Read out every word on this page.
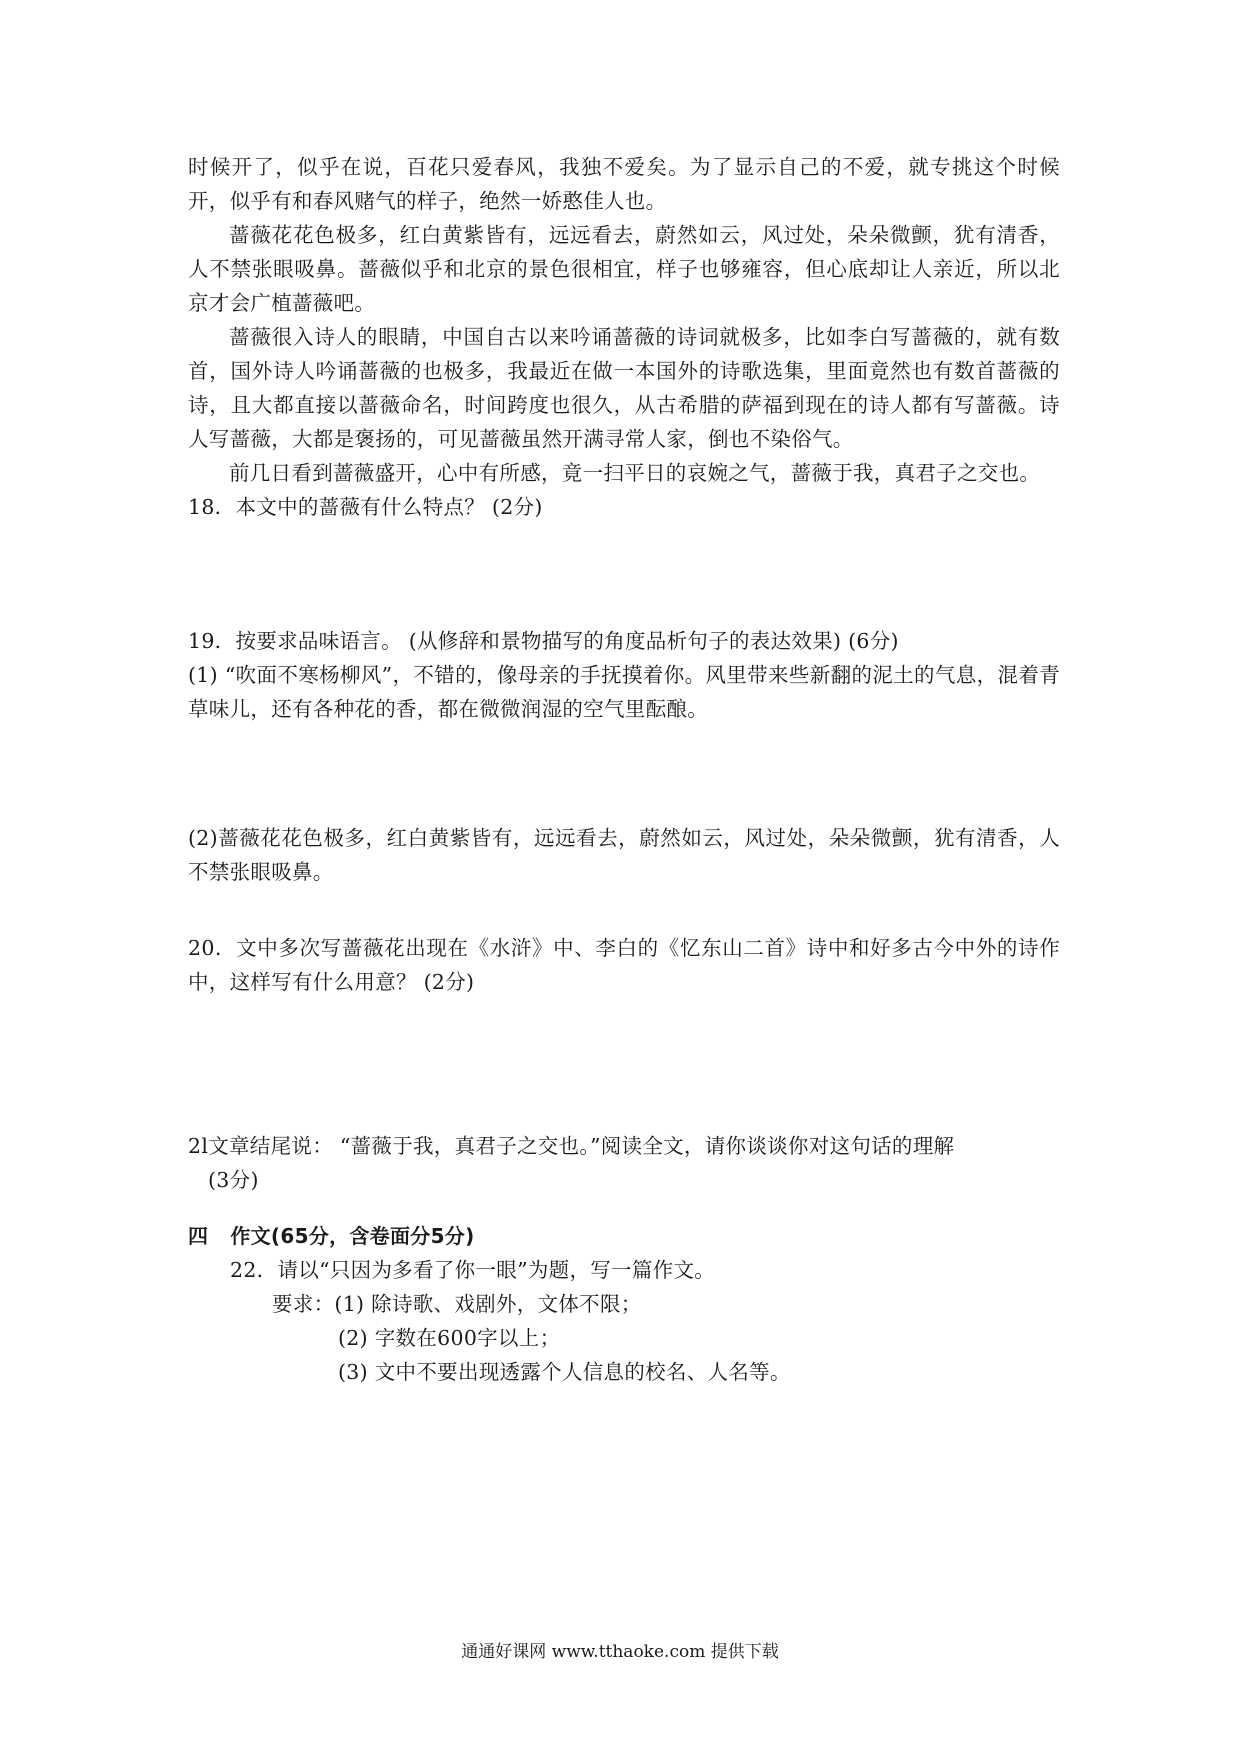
时候开了，似乎在说，百花只爱春风，我独不爱矣。为了显示自己的不爱，就专挑这个时候开，似乎有和春风赌气的样子，绝然一娇憨佳人也。

蔷薇花花色极多，红白黄紫皆有，远远看去，蔚然如云，风过处，朵朵微颤，犹有清香，人不禁张眼吸鼻。蔷薇似乎和北京的景色很相宜，样子也够雍容，但心底却让人亲近，所以北京才会广植蔷薇吧。

蔷薇很入诗人的眼睛，中国自古以来吟诵蔷薇的诗词就极多，比如李白写蔷薇的，就有数首，国外诗人吟诵蔷薇的也极多，我最近在做一本国外的诗歌选集，里面竟然也有数首蔷薇的诗，且大都直接以蔷薇命名，时间跨度也很久，从古希腊的萨福到现在的诗人都有写蔷薇。诗人写蔷薇，大都是褒扬的，可见蔷薇虽然开满寻常人家，倒也不染俗气。

前几日看到蔷薇盛开，心中有所感，竟一扫平日的哀婉之气，蔷薇于我，真君子之交也。

18．本文中的蔷薇有什么特点？ (2分)

19．按要求品味语言。 (从修辞和景物描写的角度品析句子的表达效果) (6分)

(1) “吹面不寒杨柳风”，不错的，像母亲的手抚摸着你。风里带来些新翻的泥土的气息，混着青草味儿，还有各种花的香，都在微微润湿的空气里酝酿。

(2)蔷薇花花色极多，红白黄紫皆有，远远看去，蔚然如云，风过处，朵朵微颤，犹有清香，人不禁张眼吸鼻。

20．文中多次写蔷薇花出现在《水浒》中、李白的《忆东山二首》诗中和好多古今中外的诗作中，这样写有什么用意？ (2分)

2l文章结尾说： “蔷薇于我，真君子之交也。”阅读全文，请你谈谈你对这句话的理解

(3分)

四 作文(65分，含卷面分5分)

22．请以“只因为多看了你一眼”为题，写一篇作文。

要求：(1) 除诗歌、戏剧外，文体不限；

(2) 字数在600字以上；

(3) 文中不要出现透露个人信息的校名、人名等。

通通好课网 www.tthaoke.com 提供下载
